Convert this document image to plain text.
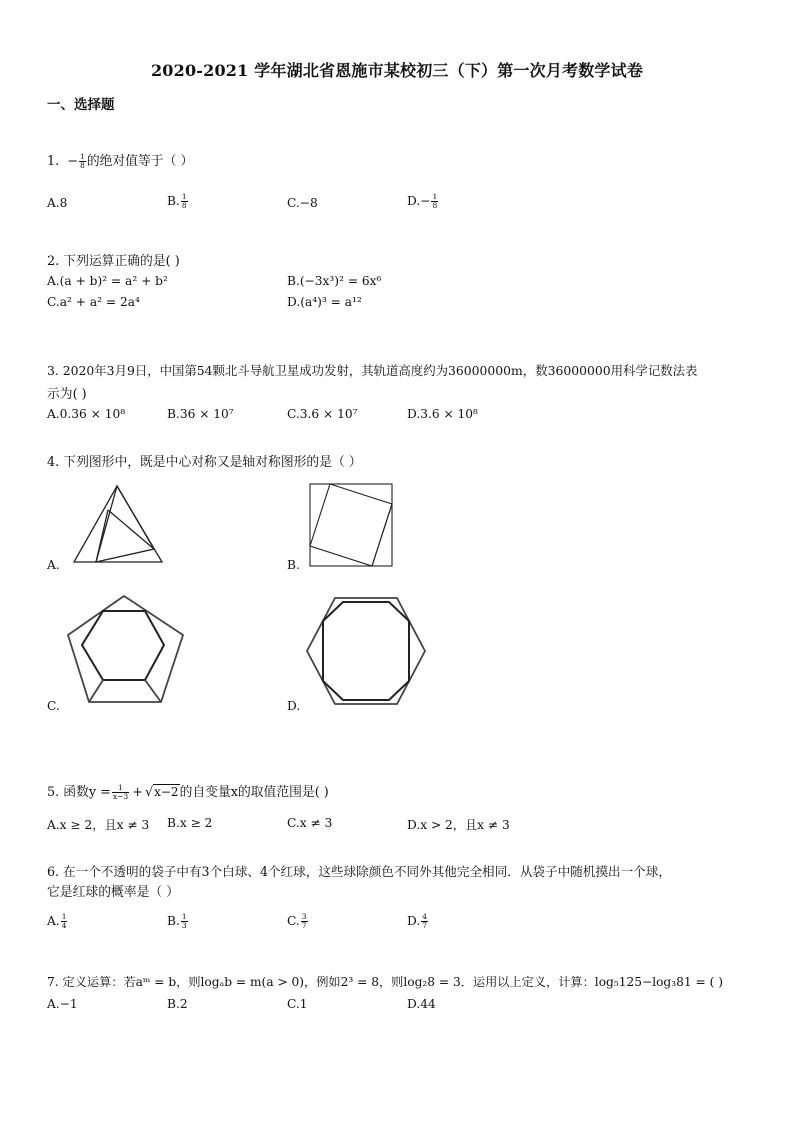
2020-2021 学年湖北省恩施市某校初三（下）第一次月考数学试卷
一、选择题
1. − $\frac{1}{8}$ 的绝对值等于（ ）
A.8	B. $\frac{1}{8}$	C.−8	$D.- \frac{1}{8}$
2. 下列运算正确的是( )
A.(a + b)² = a² + b²	B.(−3x³)² = 6x⁶
C.a² + a² = 2a⁴	D.(a⁴)³ = a¹²
3. 2020年3月9日，中国第54颗北斗导航卫星成功发射，其轨道高度约为36000000m，数36000000用科学记数法表
示为( )
A.0.36 × 10⁸	B.36 × 10⁷	C.3.6 × 10⁷	D.3.6 × 10⁸
4. 下列图形中，既是中心对称又是轴对称图形的是（ ）
A.	B.
C.	D.
5. 函数$y = \frac{1}{x-3} + √x-2$的自变量x的取值范围是( )
A.x ≥ 2，且x ≠ 3 B.x ≥ 2	C.x ≠ 3	D.x > 2，且x ≠ 3
6. 在一个不透明的袋子中有3个白球、4个红球，这些球除颜色不同外其他完全相同．从袋子中随机摸出一个球，
它是红球的概率是（ ）
A. $\frac{1}{4}$	B. $\frac{1}{3}$	C. $\frac{3}{7}$	D. $\frac{4}{7}$
7. 定义运算：若aᵐ = b，则logₐb = m(a > 0)，例如2³ = 8，则log₂8 = 3．运用以上定义，计算：log₅125−log₃81 = ( )
A.−1	B.2	C.1	D.44
